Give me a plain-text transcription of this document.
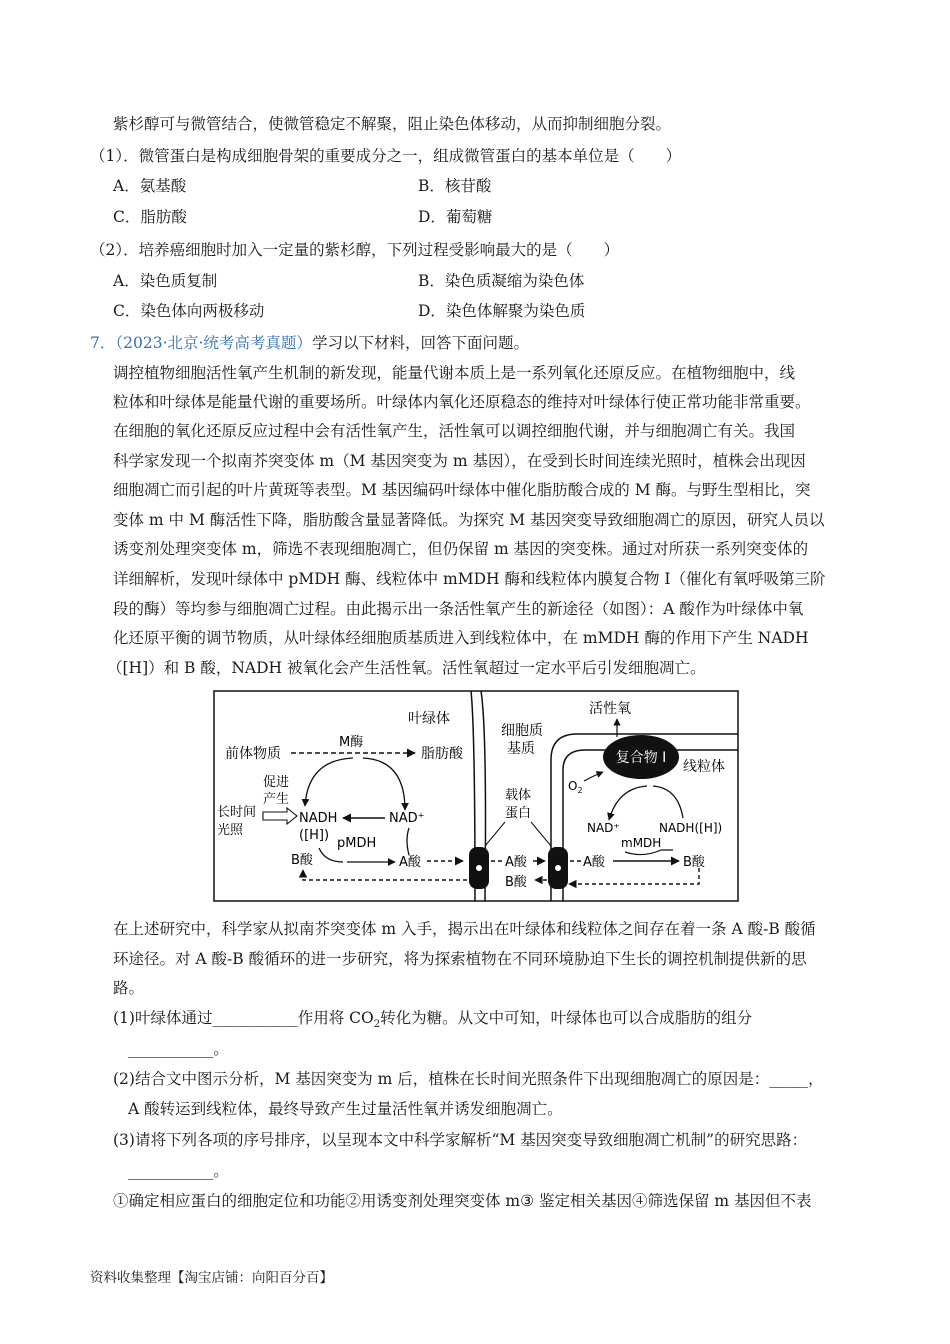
紫杉醇可与微管结合，使微管稳定不解聚，阻止染色体移动，从而抑制细胞分裂。
（1）．微管蛋白是构成细胞骨架的重要成分之一，组成微管蛋白的基本单位是（　　）
A．氨基酸	B．核苷酸
C．脂肪酸	D．葡萄糖
（2）．培养癌细胞时加入一定量的紫杉醇，下列过程受影响最大的是（　　）
A．染色质复制	B．染色质凝缩为染色体
C．染色体向两极移动	D．染色体解聚为染色质
7．（2023·北京·统考高考真题）学习以下材料，回答下面问题。
调控植物细胞活性氧产生机制的新发现，能量代谢本质上是一系列氧化还原反应。在植物细胞中，线
粒体和叶绿体是能量代谢的重要场所。叶绿体内氧化还原稳态的维持对叶绿体行使正常功能非常重要。
在细胞的氧化还原反应过程中会有活性氧产生，活性氧可以调控细胞代谢，并与细胞凋亡有关。我国
科学家发现一个拟南芥突变体 m（M 基因突变为 m 基因），在受到长时间连续光照时，植株会出现因
细胞凋亡而引起的叶片黄斑等表型。M 基因编码叶绿体中催化脂肪酸合成的 M 酶。与野生型相比，突
变体 m 中 M 酶活性下降，脂肪酸含量显著降低。为探究 M 基因突变导致细胞凋亡的原因，研究人员以
诱变剂处理突变体 m，筛选不表现细胞凋亡，但仍保留 m 基因的突变株。通过对所获一系列突变体的
详细解析，发现叶绿体中 pMDH 酶、线粒体中 mMDH 酶和线粒体内膜复合物 I（催化有氧呼吸第三阶
段的酶）等均参与细胞凋亡过程。由此揭示出一条活性氧产生的新途径（如图）：A 酸作为叶绿体中氧
化还原平衡的调节物质，从叶绿体经细胞质基质进入到线粒体中，在 mMDH 酶的作用下产生 NADH
（[H]）和 B 酸，NADH 被氧化会产生活性氧。活性氧超过一定水平后引发细胞凋亡。
叶绿体
细胞质
基质
活性氧
复合物 I
线粒体
$O_2$
前体物质
M酶
脂肪酸
促进
产生
长时间
光照
NADH
([H])
NAD⁺
pMDH
B酸	A酸
载体
蛋白
A酸	A酸	B酸
NAD⁺	NADH([H])
mMDH
B酸
在上述研究中，科学家从拟南芥突变体 m 入手，揭示出在叶绿体和线粒体之间存在着一条 A 酸-B 酸循
环途径。对 A 酸-B 酸循环的进一步研究，将为探索植物在不同环境胁迫下生长的调控机制提供新的思
路。
(1)叶绿体通过___________作用将 $CO_2$转化为糖。从文中可知，叶绿体也可以合成脂肪的组分
___________。
(2)结合文中图示分析，M 基因突变为 m 后，植株在长时间光照条件下出现细胞凋亡的原因是：_____，
A 酸转运到线粒体，最终导致产生过量活性氧并诱发细胞凋亡。
(3)请将下列各项的序号排序，以呈现本文中科学家解析“M 基因突变导致细胞凋亡机制”的研究思路：
___________。
①确定相应蛋白的细胞定位和功能②用诱变剂处理突变体 m③ 鉴定相关基因④筛选保留 m 基因但不表
资料收集整理【淘宝店铺：向阳百分百】
